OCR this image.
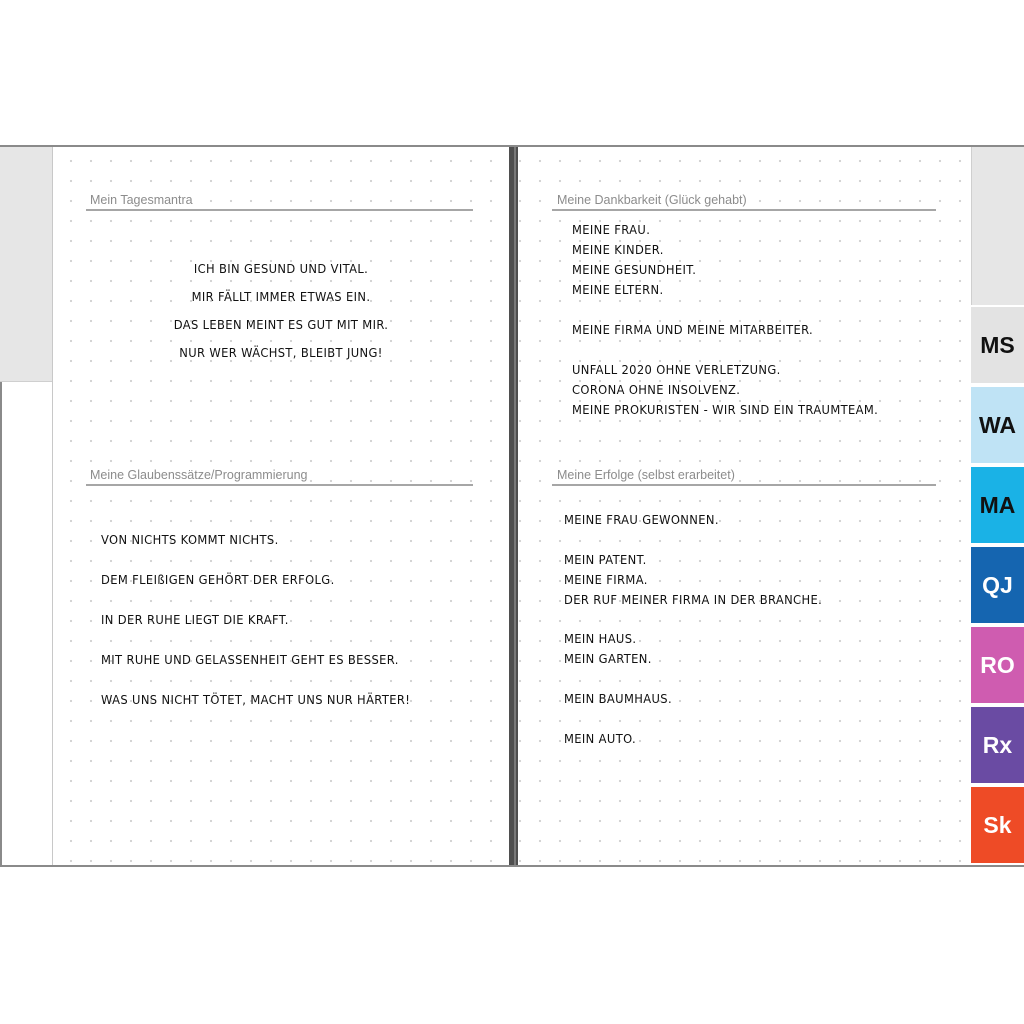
Mein Tagesmantra
ICH BIN GESUND UND VITAL.
MIR FÄLLT IMMER ETWAS EIN.
DAS LEBEN MEINT ES GUT MIT MIR.
NUR WER WÄCHST, BLEIBT JUNG!
Meine Glaubenssätze/Programmierung
VON NICHTS KOMMT NICHTS.
DEM FLEIßIGEN GEHÖRT DER ERFOLG.
IN DER RUHE LIEGT DIE KRAFT.
MIT RUHE UND GELASSENHEIT GEHT ES BESSER.
WAS UNS NICHT TÖTET, MACHT UNS NUR HÄRTER!
Meine Dankbarkeit (Glück gehabt)
MEINE FRAU.
MEINE KINDER.
MEINE GESUNDHEIT.
MEINE ELTERN.
MEINE FIRMA UND MEINE MITARBEITER.
UNFALL 2020 OHNE VERLETZUNG.
CORONA OHNE INSOLVENZ.
MEINE PROKURISTEN - WIR SIND EIN TRAUMTEAM.
Meine Erfolge (selbst erarbeitet)
MEINE FRAU GEWONNEN.
MEIN PATENT.
MEINE FIRMA.
DER RUF MEINER FIRMA IN DER BRANCHE.
MEIN HAUS.
MEIN GARTEN.
MEIN BAUMHAUS.
MEIN AUTO.
MS
WA
MA
QJ
RO
Rx
Sk
